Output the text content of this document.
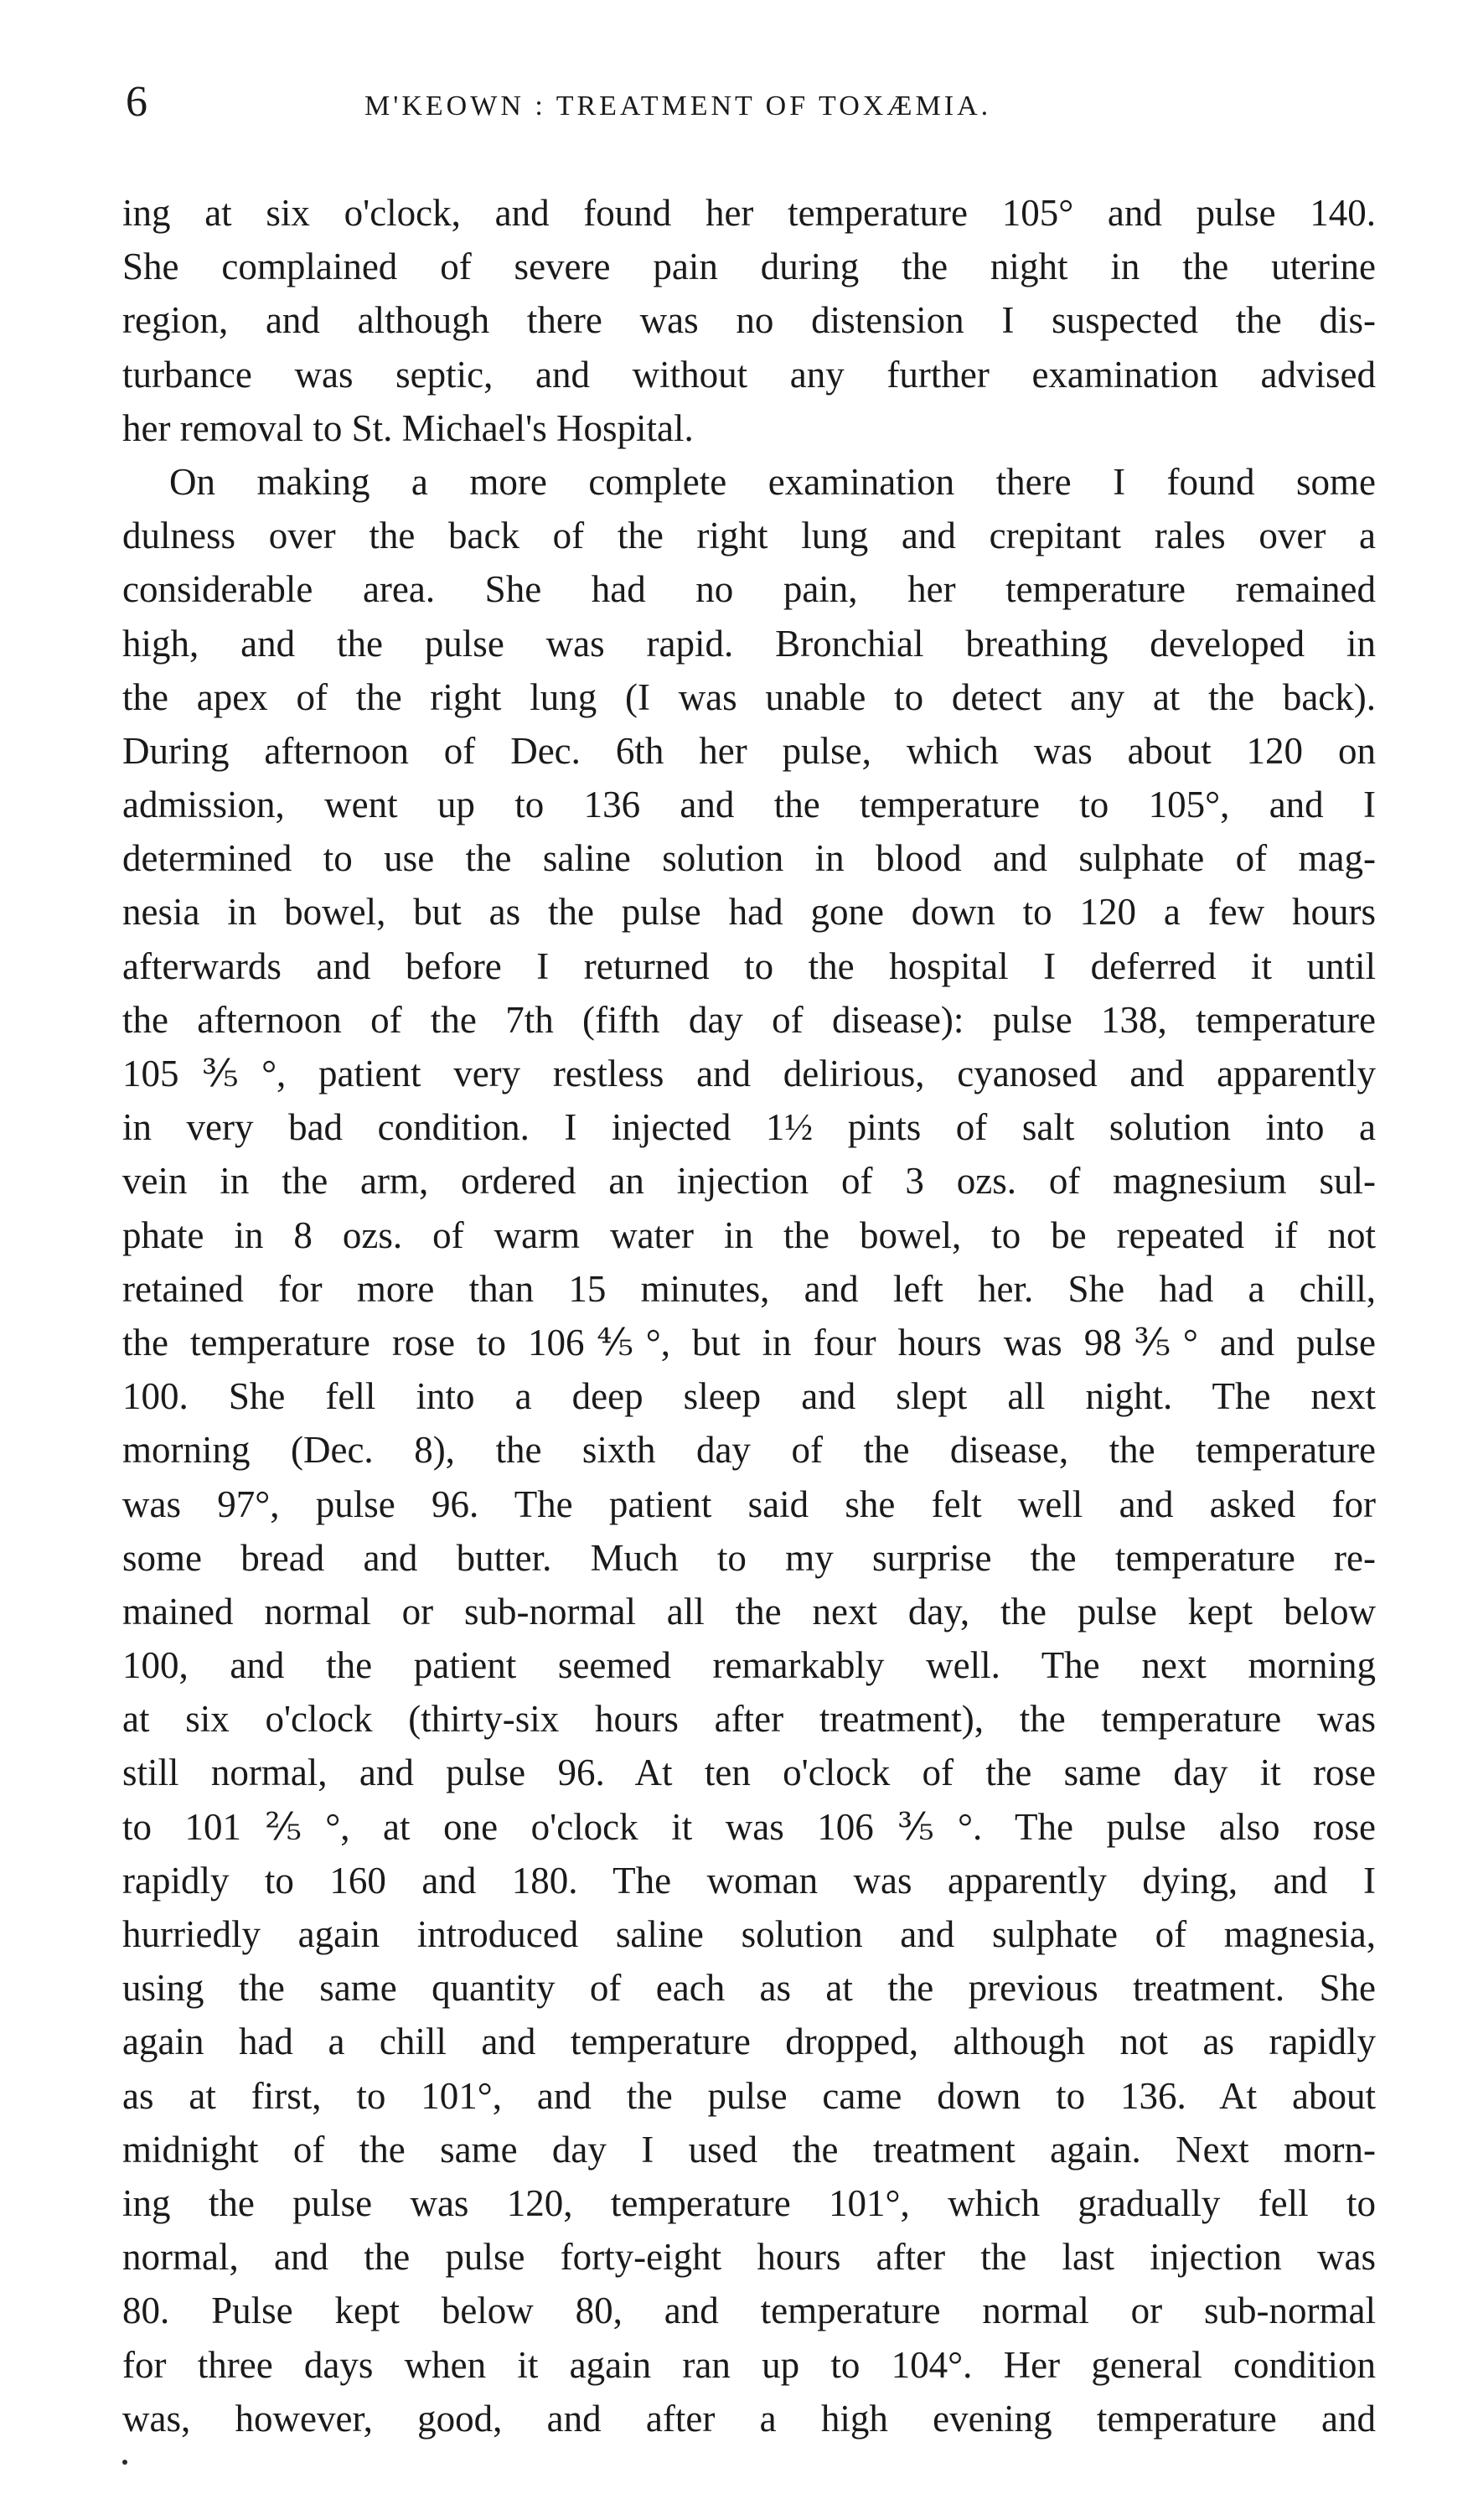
6	M'KEOWN : TREATMENT OF TOXÆMIA.
ing at six o'clock, and found her temperature 105° and pulse 140.
She complained of severe pain during the night in the uterine
region, and although there was no distension I suspected the dis-
turbance was septic, and without any further examination advised
her removal to St. Michael's Hospital.
On making a more complete examination there I found some
dulness over the back of the right lung and crepitant rales over a
considerable area. She had no pain, her temperature remained
high, and the pulse was rapid. Bronchial breathing developed in
the apex of the right lung (I was unable to detect any at the back).
During afternoon of Dec. 6th her pulse, which was about 120 on
admission, went up to 136 and the temperature to 105°, and I
determined to use the saline solution in blood and sulphate of mag-
nesia in bowel, but as the pulse had gone down to 120 a few hours
afterwards and before I returned to the hospital I deferred it until
the afternoon of the 7th (fifth day of disease): pulse 138, temperature
105⅗°, patient very restless and delirious, cyanosed and apparently
in very bad condition. I injected 1½ pints of salt solution into a
vein in the arm, ordered an injection of 3 ozs. of magnesium sul-
phate in 8 ozs. of warm water in the bowel, to be repeated if not
retained for more than 15 minutes, and left her. She had a chill,
the temperature rose to 106⅘°, but in four hours was 98⅗° and pulse
100. She fell into a deep sleep and slept all night. The next
morning (Dec. 8), the sixth day of the disease, the temperature
was 97°, pulse 96. The patient said she felt well and asked for
some bread and butter. Much to my surprise the temperature re-
mained normal or sub-normal all the next day, the pulse kept below
100, and the patient seemed remarkably well. The next morning
at six o'clock (thirty-six hours after treatment), the temperature was
still normal, and pulse 96. At ten o'clock of the same day it rose
to 101⅖°, at one o'clock it was 106⅗°. The pulse also rose
rapidly to 160 and 180. The woman was apparently dying, and I
hurriedly again introduced saline solution and sulphate of magnesia,
using the same quantity of each as at the previous treatment. She
again had a chill and temperature dropped, although not as rapidly
as at first, to 101°, and the pulse came down to 136. At about
midnight of the same day I used the treatment again. Next morn-
ing the pulse was 120, temperature 101°, which gradually fell to
normal, and the pulse forty-eight hours after the last injection was
80. Pulse kept below 80, and temperature normal or sub-normal
for three days when it again ran up to 104°. Her general condition
was, however, good, and after a high evening temperature and
